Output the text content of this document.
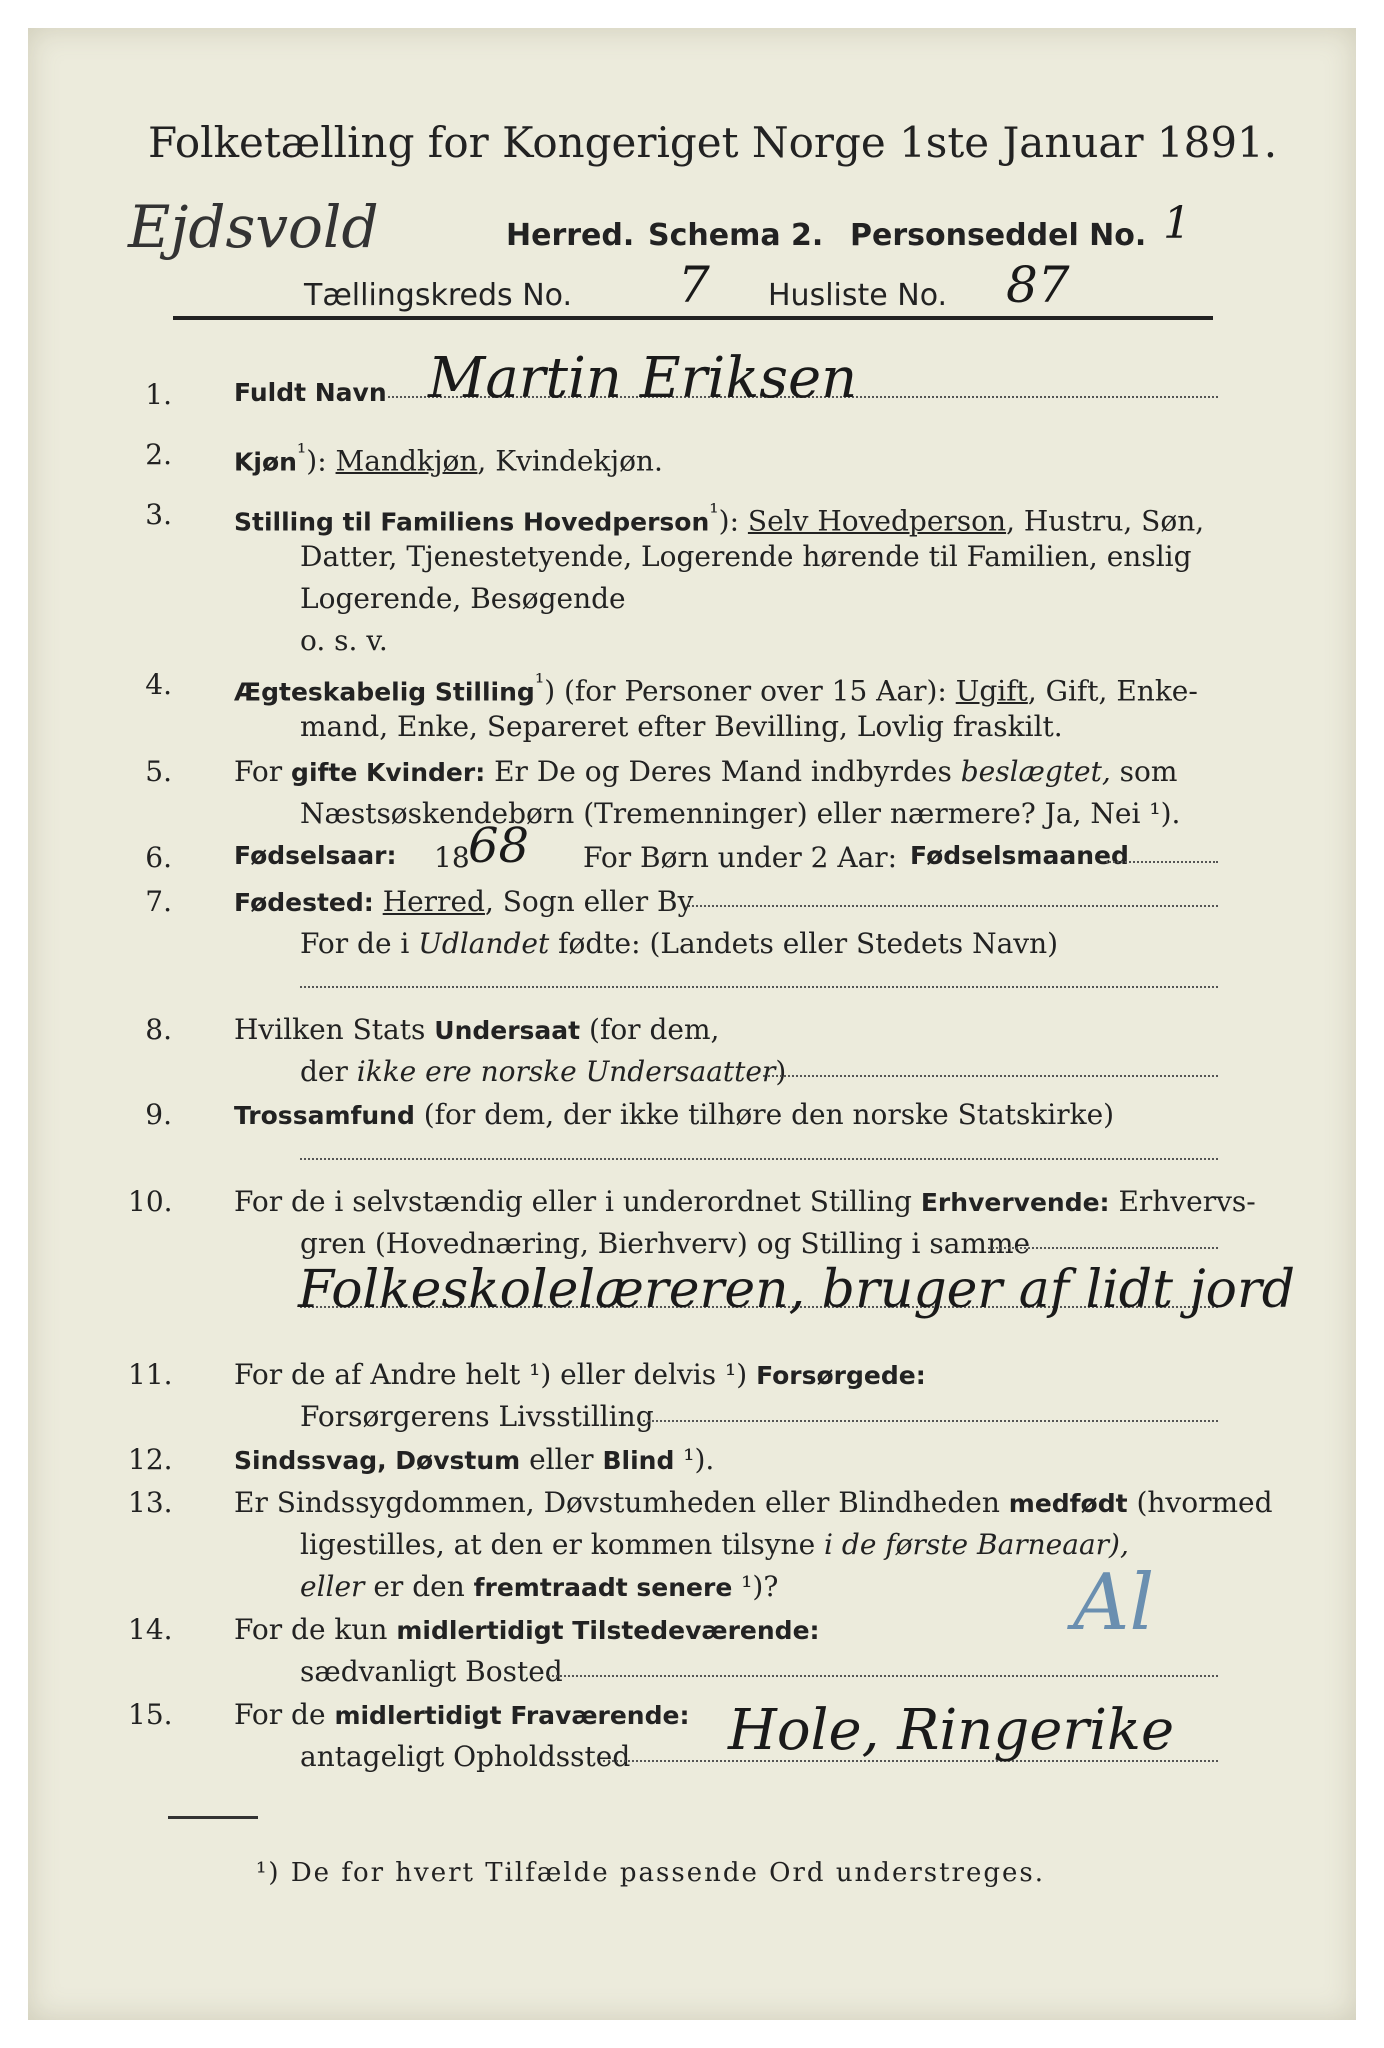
Folketælling for Kongeriget Norge 1ste Januar 1891.
Ejdsvold	Herred. Schema 2. Personseddel No. 1
Tællingskreds No. 7 Husliste No. 87
1. Fuldt Navn Martin Eriksen
2. Kjøn$^{^1}$): Mandkjøn, Kvindekjøn.
3. Stilling til Familiens Hovedperson$^{^1}$): Selv Hovedperson, Hustru, Søn,
Datter, Tjenestetyende, Logerende hørende til Familien, enslig
Logerende, Besøgende
o. s. v.
4. Ægteskabelig Stilling$^{^1}$) (for Personer over 15 Aar): Ugift, Gift, Enke-
mand, Enke, Separeret efter Bevilling, Lovlig fraskilt.
5. For gifte Kvinder: Er De og Deres Mand indbyrdes beslægtet, som
Næstsøskendebørn (Tremenninger) eller nærmere? Ja, Nei ¹).
6. Fødselsaar: 18	For Børn under 2 Aar: Fødselsmaaned
68
7. Fødested: Herred, Sogn eller By
For de i Udlandet fødte: (Landets eller Stedets Navn)
8. Hvilken Stats Undersaat (for dem,
der ikke ere norske Undersaatter)
9. Trossamfund (for dem, der ikke tilhøre den norske Statskirke)
10. For de i selvstændig eller i underordnet Stilling Erhvervende: Erhvervs-
gren (Hovednæring, Bierhverv) og Stilling i samme
Folkeskolelæreren, bruger af lidt jord
11. For de af Andre helt ¹) eller delvis ¹) Forsørgede:
Forsørgerens Livsstilling
12. Sindssvag, Døvstum eller Blind ¹).
13. Er Sindssygdommen, Døvstumheden eller Blindheden medfødt (hvormed
ligestilles, at den er kommen tilsyne i de første Barneaar),
eller er den fremtraadt senere ¹)?
14. For de kun midlertidigt Tilstedeværende:
sædvanligt Bosted
Al
15. For de midlertidigt Fraværende:
antageligt Opholdssted Hole, Ringerike
¹) De for hvert Tilfælde passende Ord understreges.
